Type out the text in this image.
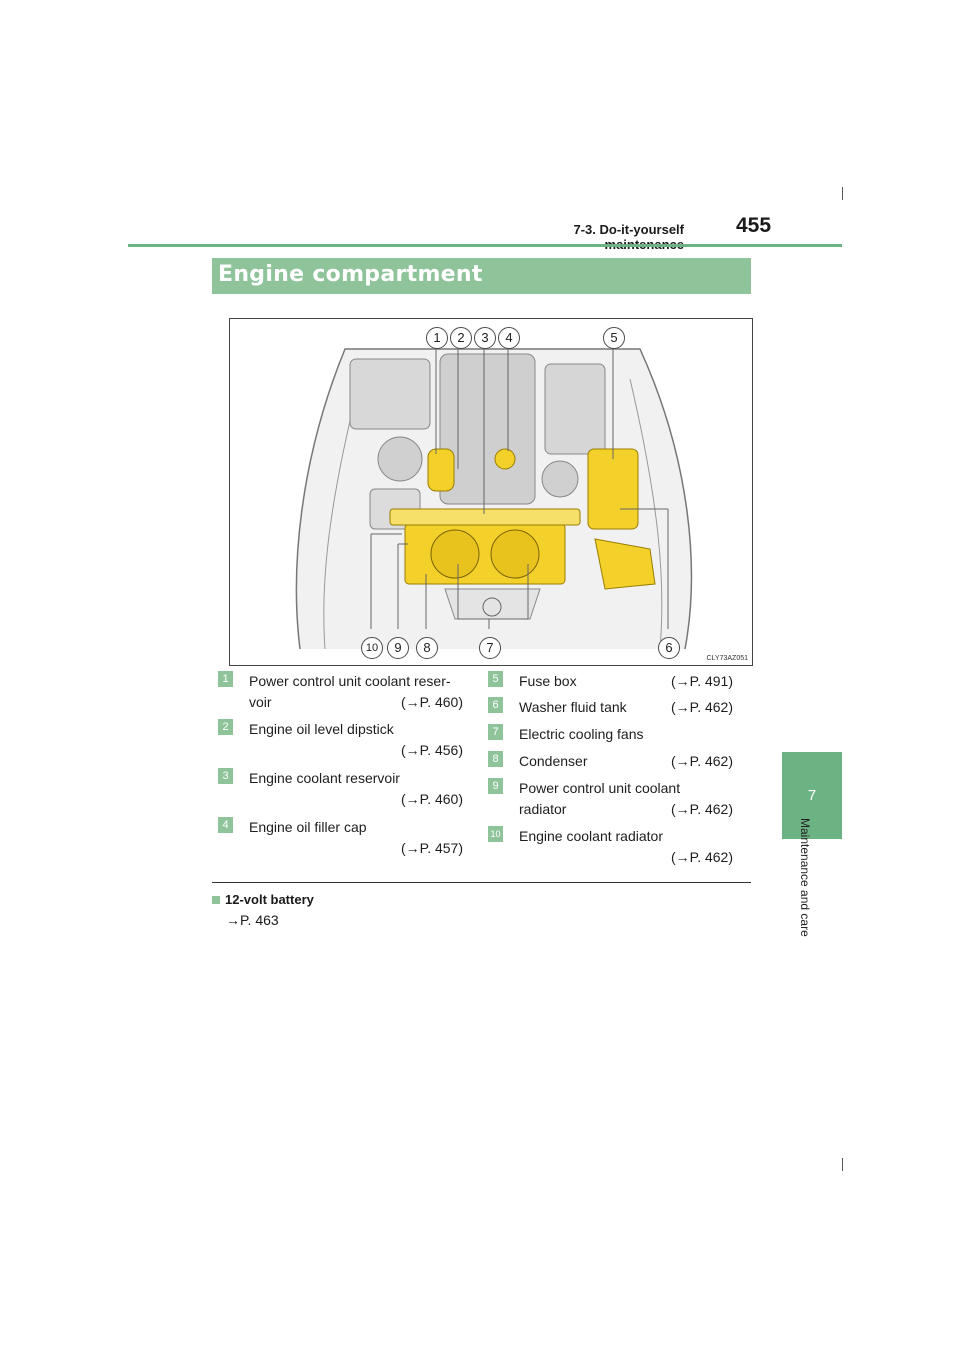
7-3. Do-it-yourself 455
7
Maintenance and care
Engine compartment
1	2	3	4	5
10	9	8	7	6
CLY73AZ051
1	Power control unit coolant reser-
voir	(→P. 460)
2	Engine oil level dipstick
(→P. 456)
3	Engine coolant reservoir
(→P. 460)
4	Engine oil filler cap
(→P. 457)
5	Fuse box	(→P. 491)
6	Washer fluid tank	(→P. 462)
7	Electric cooling fans
8	Condenser	(→P. 462)
9	Power control unit coolant
radiator	(→P. 462)
10 Engine coolant radiator
(→P. 462)
12-volt battery
→P. 463
